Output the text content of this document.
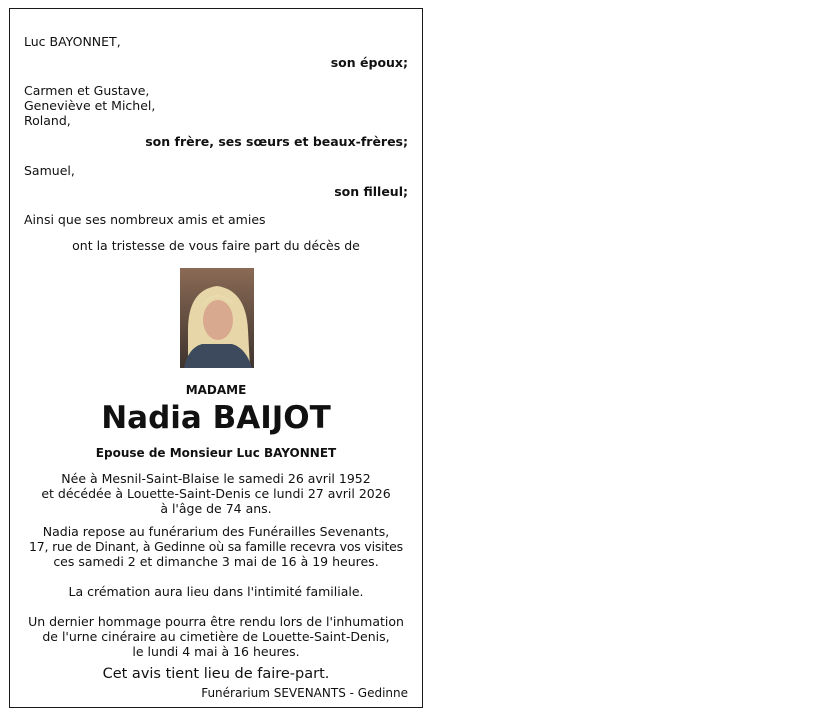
Luc BAYONNET,
son époux;
Carmen et Gustave,
Geneviève et Michel,
Roland,
son frère, ses sœurs et beaux-frères;
Samuel,
son filleul;
Ainsi que ses nombreux amis et amies
ont la tristesse de vous faire part du décès de
MADAME
Nadia BAIJOT
Epouse de Monsieur Luc BAYONNET
Née à Mesnil-Saint-Blaise le samedi 26 avril 1952
et décédée à Louette-Saint-Denis ce lundi 27 avril 2026
à l'âge de 74 ans.
Nadia repose au funérarium des Funérailles Sevenants,
17, rue de Dinant, à Gedinne où sa famille recevra vos visites
ces samedi 2 et dimanche 3 mai de 16 à 19 heures.
La crémation aura lieu dans l'intimité familiale.
Un dernier hommage pourra être rendu lors de l'inhumation
de l'urne cinéraire au cimetière de Louette-Saint-Denis,
le lundi 4 mai à 16 heures.
Cet avis tient lieu de faire-part.
Funérarium SEVENANTS - Gedinne
